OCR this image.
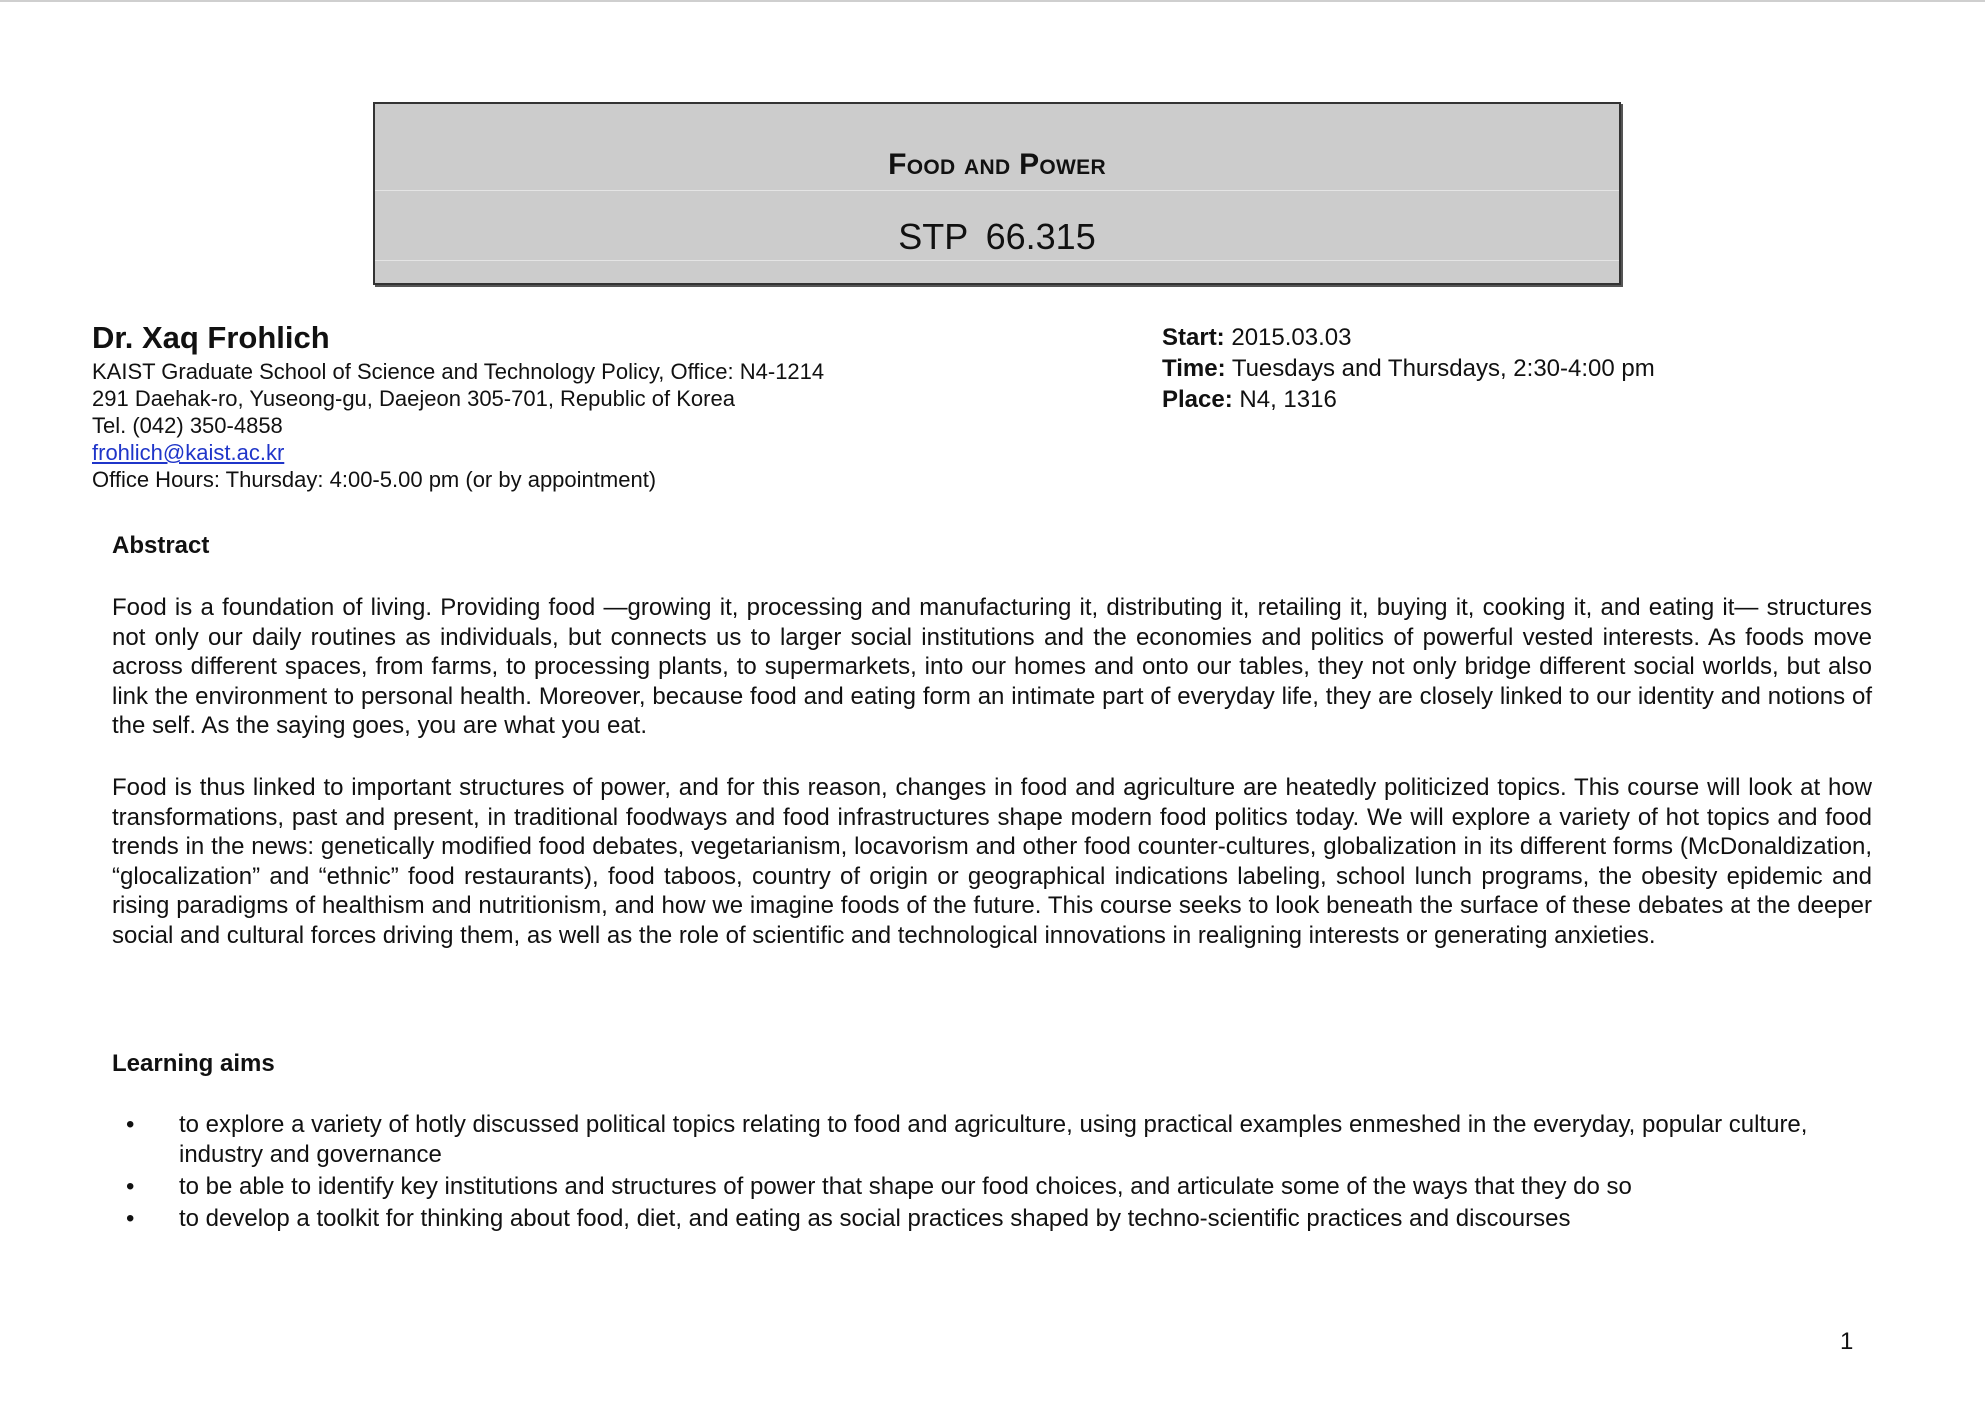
Food and Power
STP 66.315

Dr. Xaq Frohlich

KAIST Graduate School of Science and Technology Policy, Office: N4-1214

291 Daehak-ro, Yuseong-gu, Daejeon 305-701, Republic of Korea

Tel. (042) 350-4858

frohlich@kaist.ac.kr

Office Hours: Thursday: 4:00-5.00 pm (or by appointment)

Start: 2015.03.03

Time: Tuesdays and Thursdays, 2:30-4:00 pm

Place: N4, 1316

Abstract

Food is a foundation of living. Providing food —growing it, processing and manufacturing it, distributing it, retailing it, buying it, cooking it, and eating it— structures not only our daily routines as individuals, but connects us to larger social institutions and the economies and politics of powerful vested interests. As foods move across different spaces, from farms, to processing plants, to supermarkets, into our homes and onto our tables, they not only bridge different social worlds, but also link the environment to personal health. Moreover, because food and eating form an intimate part of everyday life, they are closely linked to our identity and notions of the self. As the saying goes, you are what you eat.

Food is thus linked to important structures of power, and for this reason, changes in food and agriculture are heatedly politicized topics. This course will look at how transformations, past and present, in traditional foodways and food infrastructures shape modern food politics today. We will explore a variety of hot topics and food trends in the news: genetically modified food debates, vegetarianism, locavorism and other food counter-cultures, globalization in its different forms (McDonaldization, “glocalization” and “ethnic” food restaurants), food taboos, country of origin or geographical indications labeling, school lunch programs, the obesity epidemic and rising paradigms of healthism and nutritionism, and how we imagine foods of the future. This course seeks to look beneath the surface of these debates at the deeper social and cultural forces driving them, as well as the role of scientific and technological innovations in realigning interests or generating anxieties.

Learning aims
• to explore a variety of hotly discussed political topics relating to food and agriculture, using practical examples enmeshed in the everyday, popular culture, industry and governance
• to be able to identify key institutions and structures of power that shape our food choices, and articulate some of the ways that they do so
• to develop a toolkit for thinking about food, diet, and eating as social practices shaped by techno-scientific practices and discourses
1
